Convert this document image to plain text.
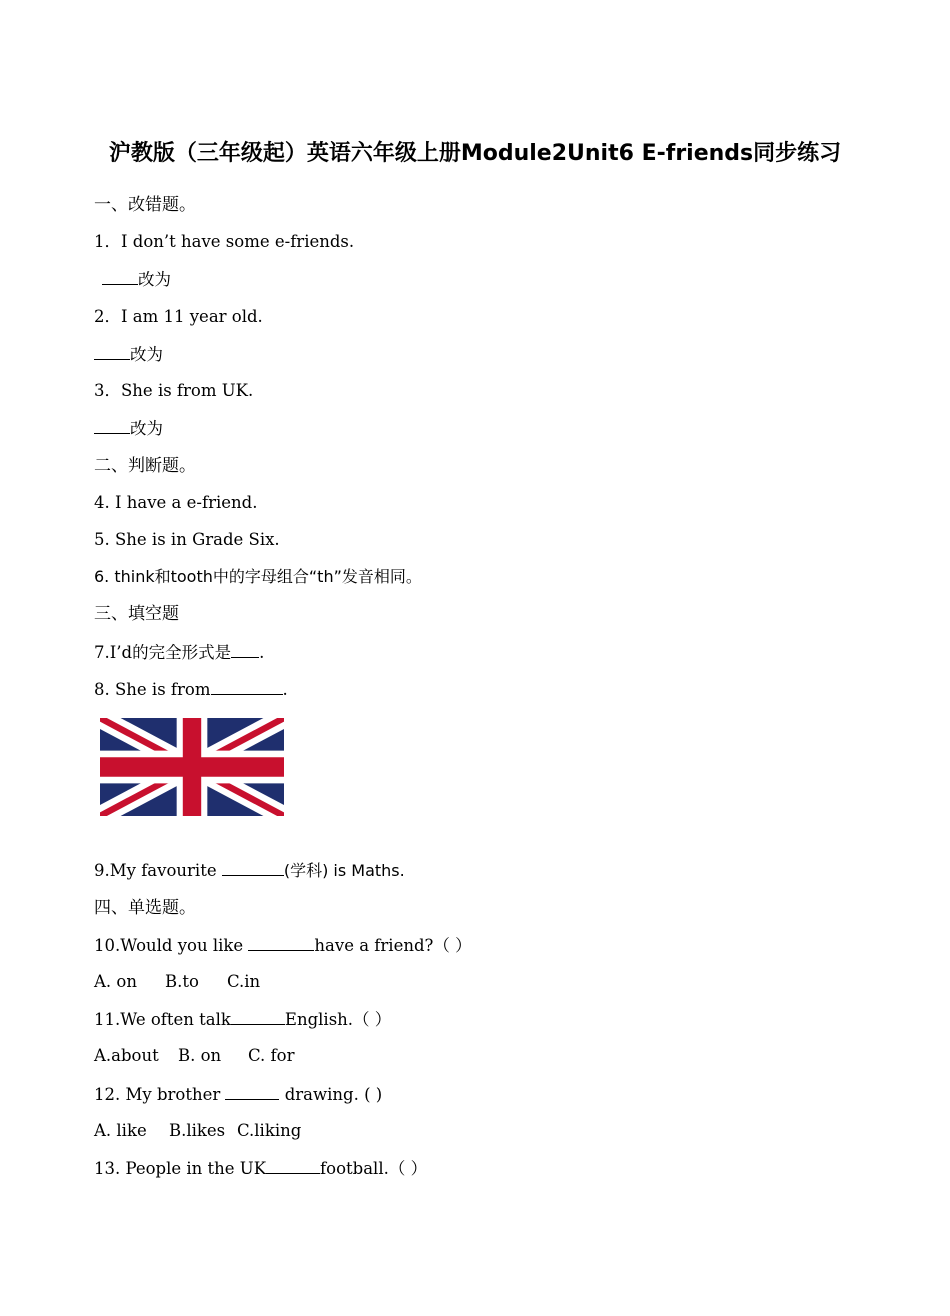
沪教版（三年级起）英语六年级上册Module2Unit6 E-friends同步练习
一、改错题。
1．I don’t have some e-friends.
改为
2．I am 11 year old.
改为
3．She is from UK.
改为
二、判断题。
4. I have a e-friend.
5. She is in Grade Six.
6. think和tooth中的字母组合“th”发音相同。
三、填空题
7.I’d的完全形式是 .
8. She is from	.
9.My favourite	(学科) is Maths.
四、单选题。
10.Would you like	have a friend?（ ）
A. on B.to C.in
11.We often talk	English.（ ）
A.about B. on C. for
12. My brother	drawing. ( )
A. like B.likes C.liking
13. People in the UK	football.（ ）
